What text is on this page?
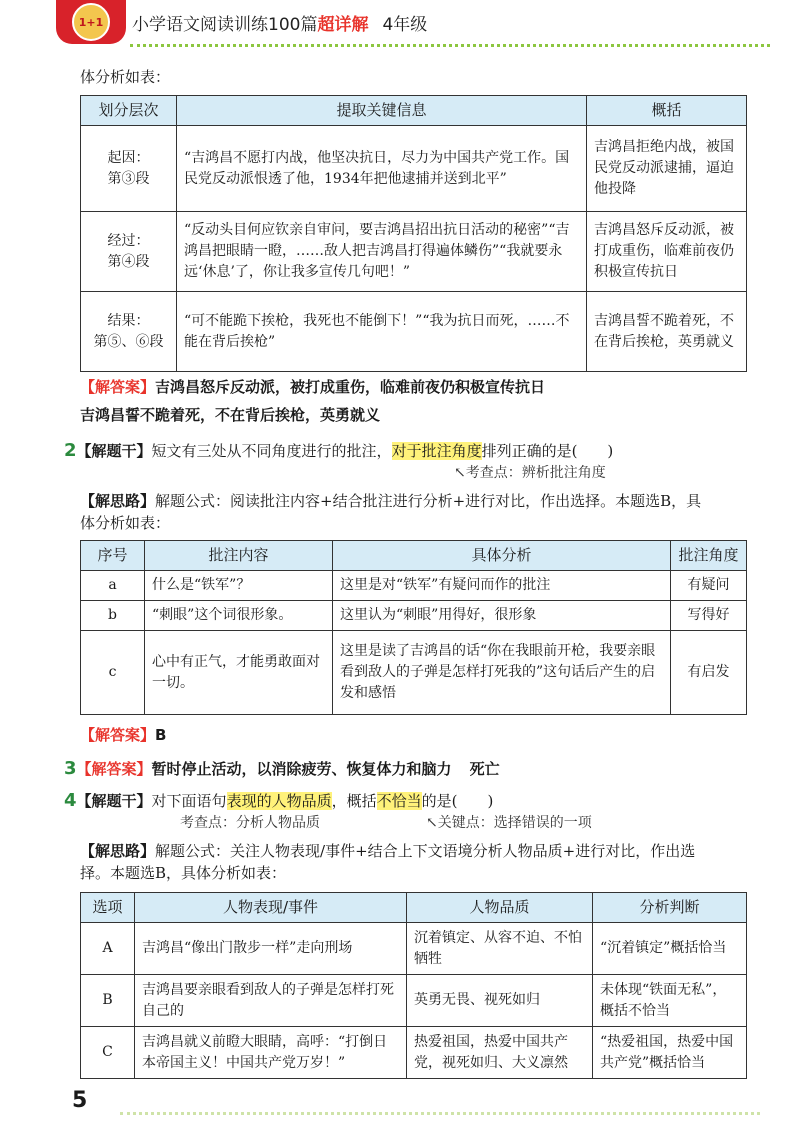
1+1	小学语文阅读训练100篇超详解 4年级
体分析如表：
划分层次	提取关键信息	概括

起因：
第③段	“吉鸿昌不愿打内战，他坚决抗日，尽力为中国共产党工作。国民党反动派恨透了他，1934年把他逮捕并送到北平”	吉鸿昌拒绝内战，被国民党反动派逮捕，逼迫他投降

经过：
第④段	“反动头目何应钦亲自审问，要吉鸿昌招出抗日活动的秘密”“吉鸿昌把眼睛一瞪，……敌人把吉鸿昌打得遍体鳞伤”“我就要永远‘休息’了，你让我多宣传几句吧！”	吉鸿昌怒斥反动派，被打成重伤，临难前夜仍积极宣传抗日

结果：
第⑤、⑥段	“可不能跪下挨枪，我死也不能倒下！”“我为抗日而死，……不能在背后挨枪”	吉鸿昌誓不跪着死，不在背后挨枪，英勇就义
【解答案】吉鸿昌怒斥反动派，被打成重伤，临难前夜仍积极宣传抗日
吉鸿昌誓不跪着死，不在背后挨枪，英勇就义
2【解题干】短文有三处从不同角度进行的批注，对于批注角度排列正确的是(　　)
↖考查点：辨析批注角度
【解思路】解题公式：阅读批注内容+结合批注进行分析+进行对比，作出选择。本题选B，具
体分析如表：
序号	批注内容	具体分析	批注角度
a	什么是“铁军”？	这里是对“铁军”有疑问而作的批注	有疑问
b	“刺眼”这个词很形象。	这里认为“刺眼”用得好，很形象	写得好
c	心中有正气，才能勇敢面对一切。	这里是读了吉鸿昌的话“你在我眼前开枪，我要亲眼看到敌人的子弹是怎样打死我的”这句话后产生的启发和感悟	有启发
【解答案】B
3【解答案】暂时停止活动，以消除疲劳、恢复体力和脑力 死亡
4【解题干】对下面语句表现的人物品质，概括不恰当的是(　　)
考查点：分析人物品质	↖关键点：选择错误的一项
【解思路】解题公式：关注人物表现/事件+结合上下文语境分析人物品质+进行对比，作出选
择。本题选B，具体分析如表：
选项	人物表现/事件	人物品质	分析判断
A	吉鸿昌“像出门散步一样”走向刑场	沉着镇定、从容不迫、不怕牺牲	“沉着镇定”概括恰当
B	吉鸿昌要亲眼看到敌人的子弹是怎样打死自己的	英勇无畏、视死如归	未体现“铁面无私”，概括不恰当
C	吉鸿昌就义前瞪大眼睛，高呼：“打倒日本帝国主义！中国共产党万岁！”	热爱祖国，热爱中国共产党，视死如归、大义凛然	“热爱祖国，热爱中国共产党”概括恰当
5
